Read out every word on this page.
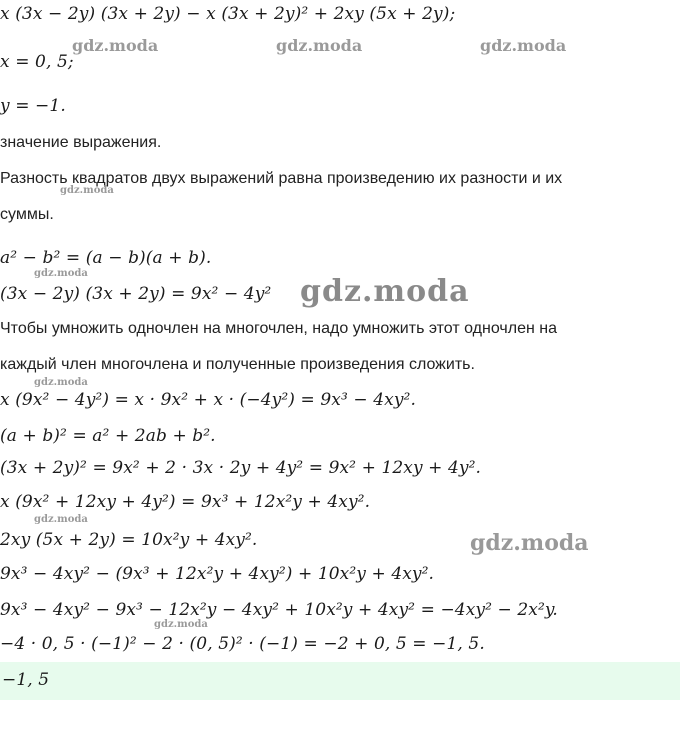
x (3x − 2y) (3x + 2y) − x (3x + 2y)² + 2xy (5x + 2y);
x = 0, 5;
y = −1.
значение выражения.
Разность квадратов двух выражений равна произведению их разности и их
суммы.
a² − b² = (a − b)(a + b).
(3x − 2y) (3x + 2y) = 9x² − 4y²
Чтобы умножить одночлен на многочлен, надо умножить этот одночлен на
каждый член многочлена и полученные произведения сложить.
x (9x² − 4y²) = x · 9x² + x · (−4y²) = 9x³ − 4xy².
(a + b)² = a² + 2ab + b².
(3x + 2y)² = 9x² + 2 · 3x · 2y + 4y² = 9x² + 12xy + 4y².
x (9x² + 12xy + 4y²) = 9x³ + 12x²y + 4xy².
2xy (5x + 2y) = 10x²y + 4xy².
9x³ − 4xy² − (9x³ + 12x²y + 4xy²) + 10x²y + 4xy².
9x³ − 4xy² − 9x³ − 12x²y − 4xy² + 10x²y + 4xy² = −4xy² − 2x²y.
−4 · 0, 5 · (−1)² − 2 · (0, 5)² · (−1) = −2 + 0, 5 = −1, 5.
−1, 5
gdz.moda	gdz.moda	gdz.moda
gdz.moda
gdz.moda
gdz.moda
gdz.moda
gdz.moda
gdz.moda
gdz.moda
